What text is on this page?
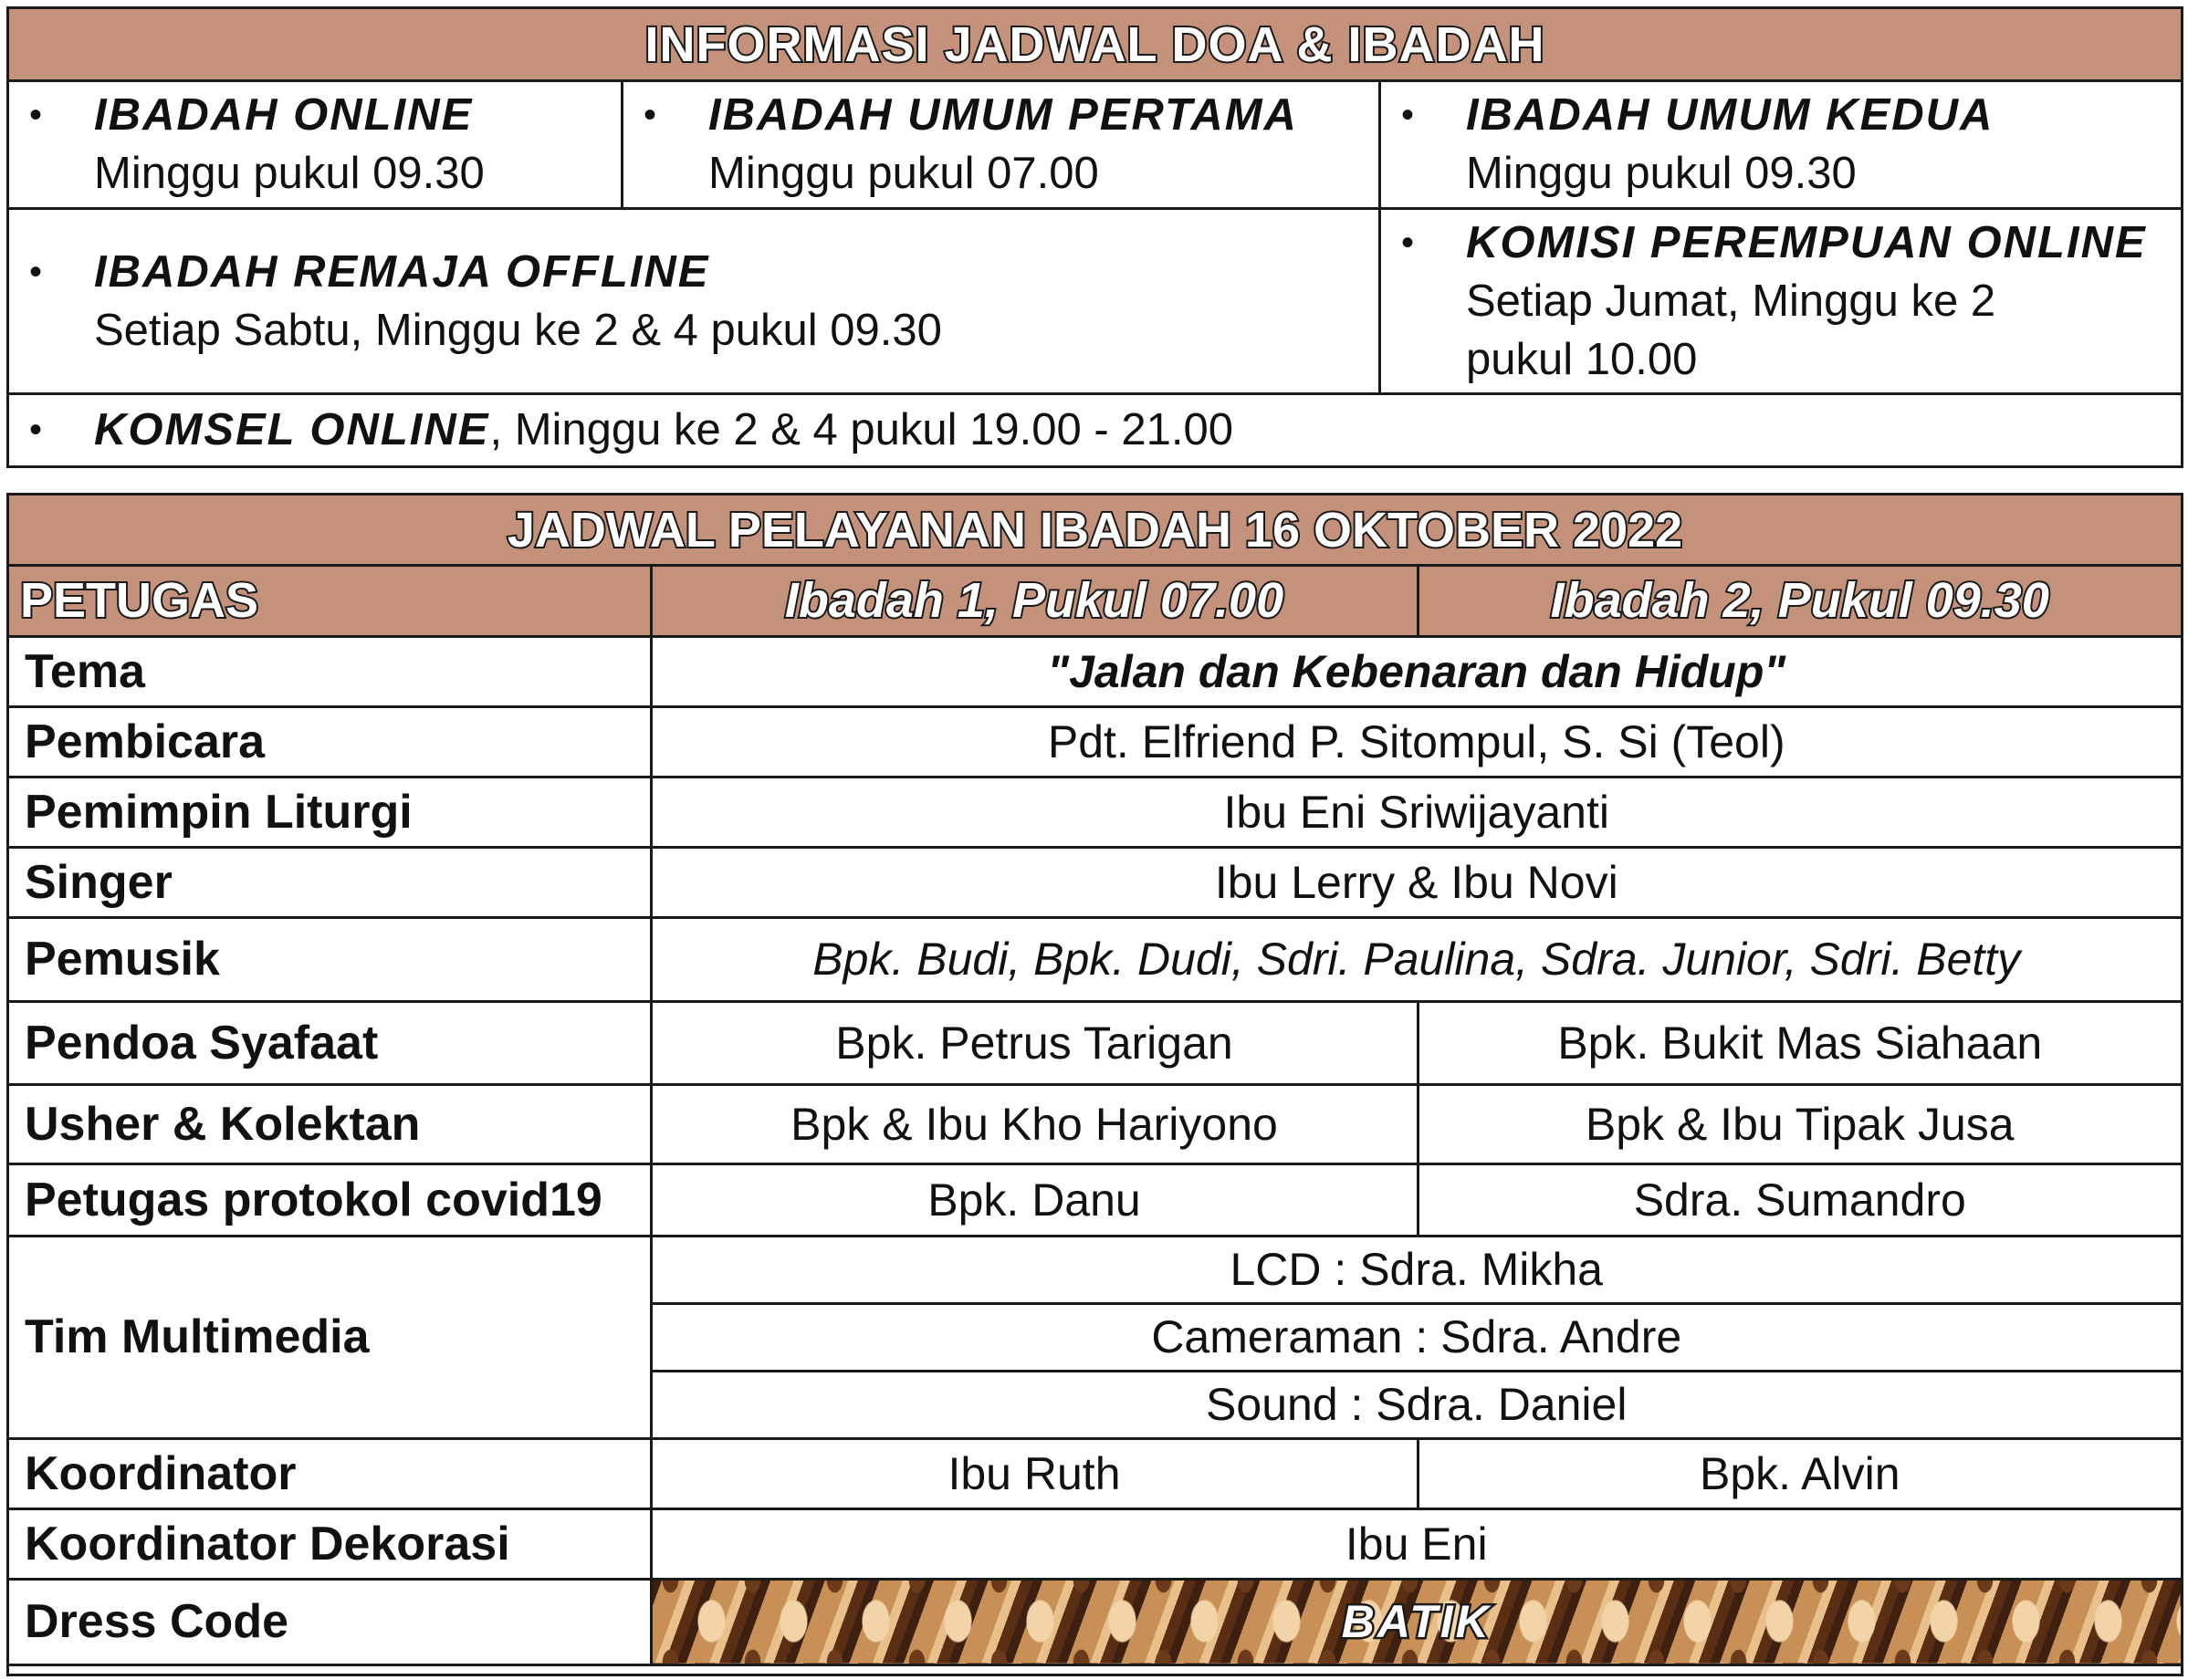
INFORMASI JADWAL DOA & IBADAH
• IBADAH ONLINE
Minggu pukul 09.30
• IBADAH UMUM PERTAMA
Minggu pukul 07.00
• IBADAH UMUM KEDUA
Minggu pukul 09.30
• IBADAH REMAJA OFFLINE
Setiap Sabtu, Minggu ke 2 & 4 pukul 09.30
• KOMISI PEREMPUAN ONLINE
Setiap Jumat, Minggu ke 2
pukul 10.00
• KOMSEL ONLINE, Minggu ke 2 & 4 pukul 19.00 - 21.00
JADWAL PELAYANAN IBADAH 16 OKTOBER 2022
PETUGAS	Ibadah 1, Pukul 07.00	Ibadah 2, Pukul 09.30
Tema	"Jalan dan Kebenaran dan Hidup"	
Pembicara	Pdt. Elfriend P. Sitompul, S. Si (Teol)	
Pemimpin Liturgi	Ibu Eni Sriwijayanti	
Singer	Ibu Lerry & Ibu Novi	
Pemusik	Bpk. Budi, Bpk. Dudi, Sdri. Paulina, Sdra. Junior, Sdri. Betty	
Pendoa Syafaat	Bpk. Petrus Tarigan	Bpk. Bukit Mas Siahaan
Usher & Kolektan	Bpk & Ibu Kho Hariyono	Bpk & Ibu Tipak Jusa
Petugas protokol covid19	Bpk. Danu	Sdra. Sumandro
Tim Multimedia	LCD : Sdra. Mikha	
	Cameraman : Sdra. Andre	
	Sound : Sdra. Daniel	
Koordinator	Ibu Ruth	Bpk. Alvin
Koordinator Dekorasi	Ibu Eni	
Dress Code	BATIK	
